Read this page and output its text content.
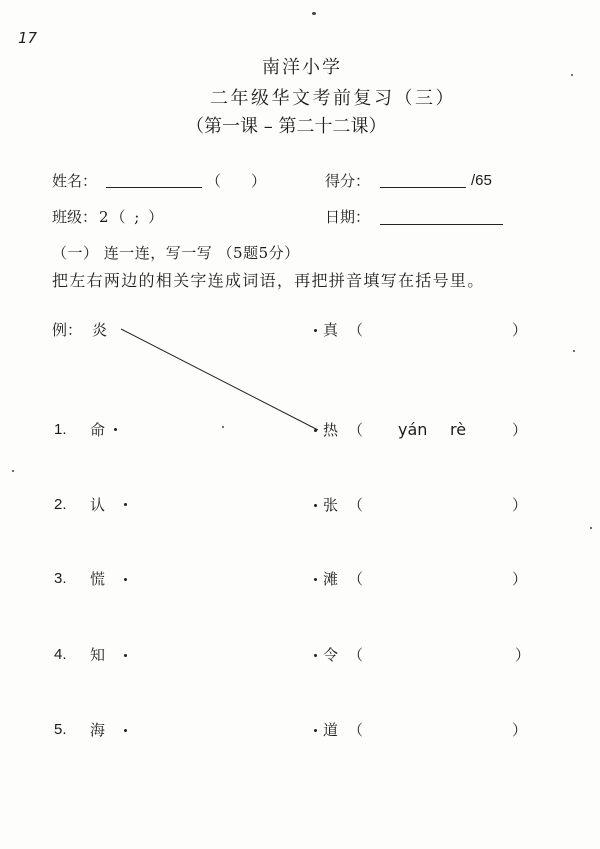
17
南洋小学
二年级华文考前复习（三）
（第一课 – 第二十二课）
姓名：	（　　）	得分：	/65
班级： 2（ ; ）	日期：
（一） 连一连，写一写 （5题5分）
把左右两边的相关字连成词语，再把拼音填写在括号里。
例： 炎	真 （	）
1. 命	热 （ yán rè	）
2. 认	张 （	）
3. 慌	滩 （	）
4. 知	令 （	）
5. 海	道 （	）
